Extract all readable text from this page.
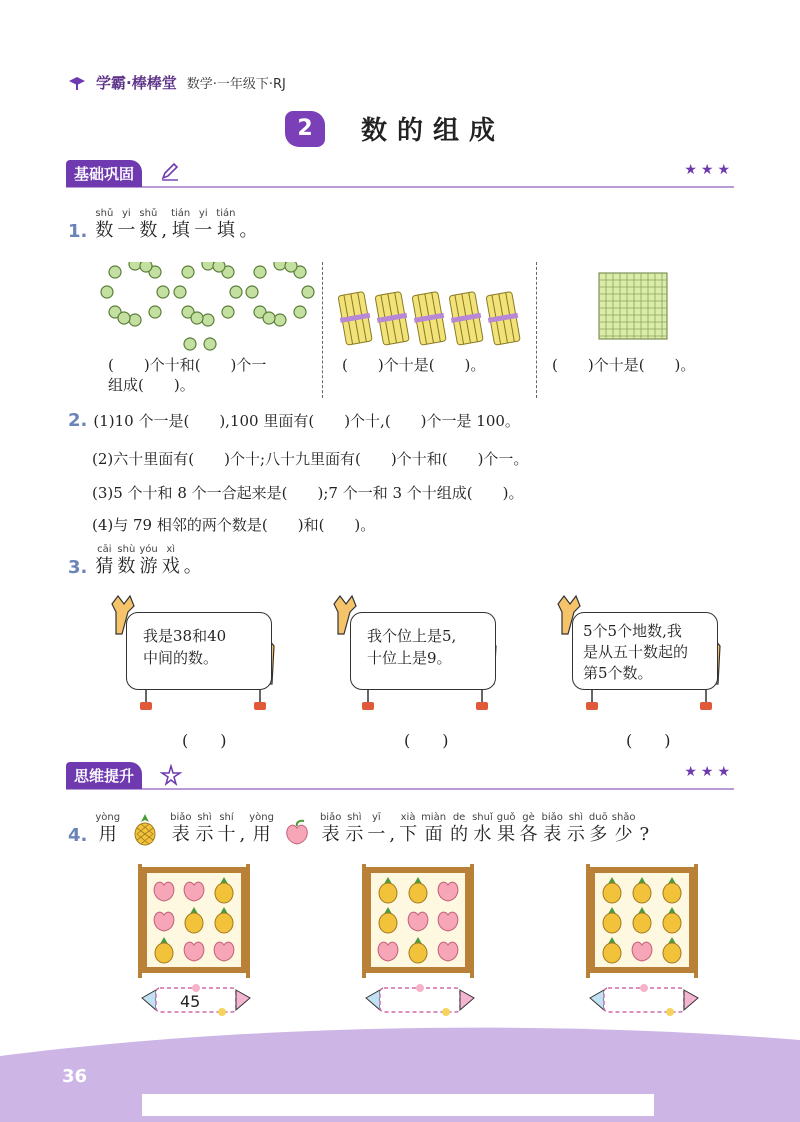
学霸·棒棒堂 数学·一年级下·RJ
2	数的组成
基础巩固	★★★
1.
shǔ
数
yi
一
shǔ
数 ,
tián
填
yi
一
tián
填 。
(　　)个十和(　　)个一
组成(　　)。
(　　)个十是(　　)。	(　　)个十是(　　)。
2. (1)10 个一是(　　),100 里面有(　　)个十,(　　)个一是 100。
(2)六十里面有(　　)个十;八十九里面有(　　)个十和(　　)个一。
(3)5 个十和 8 个一合起来是(　　);7 个一和 3 个十组成(　　)。
(4)与 79 相邻的两个数是(　　)和(　　)。
3.
cāi
猜
shù
数
yóu
游
xì
戏 。
我是38和40
中间的数。
(　　)
我个位上是5,
十位上是9。
(　　)
5个5个地数,我
是从五十数起的
第5个数。
(　　)
思维提升	★★★
4.
yòng
用
biǎo
表
shì
示
shí
十 ,
yòng
用
biǎo
表
shì
示
yī
一 ,
xià
下
miàn
面
de
的
shuǐ
水
guǒ
果
gè
各
biǎo
表
shì
示
duō
多
shǎo
少 ?
45
36
